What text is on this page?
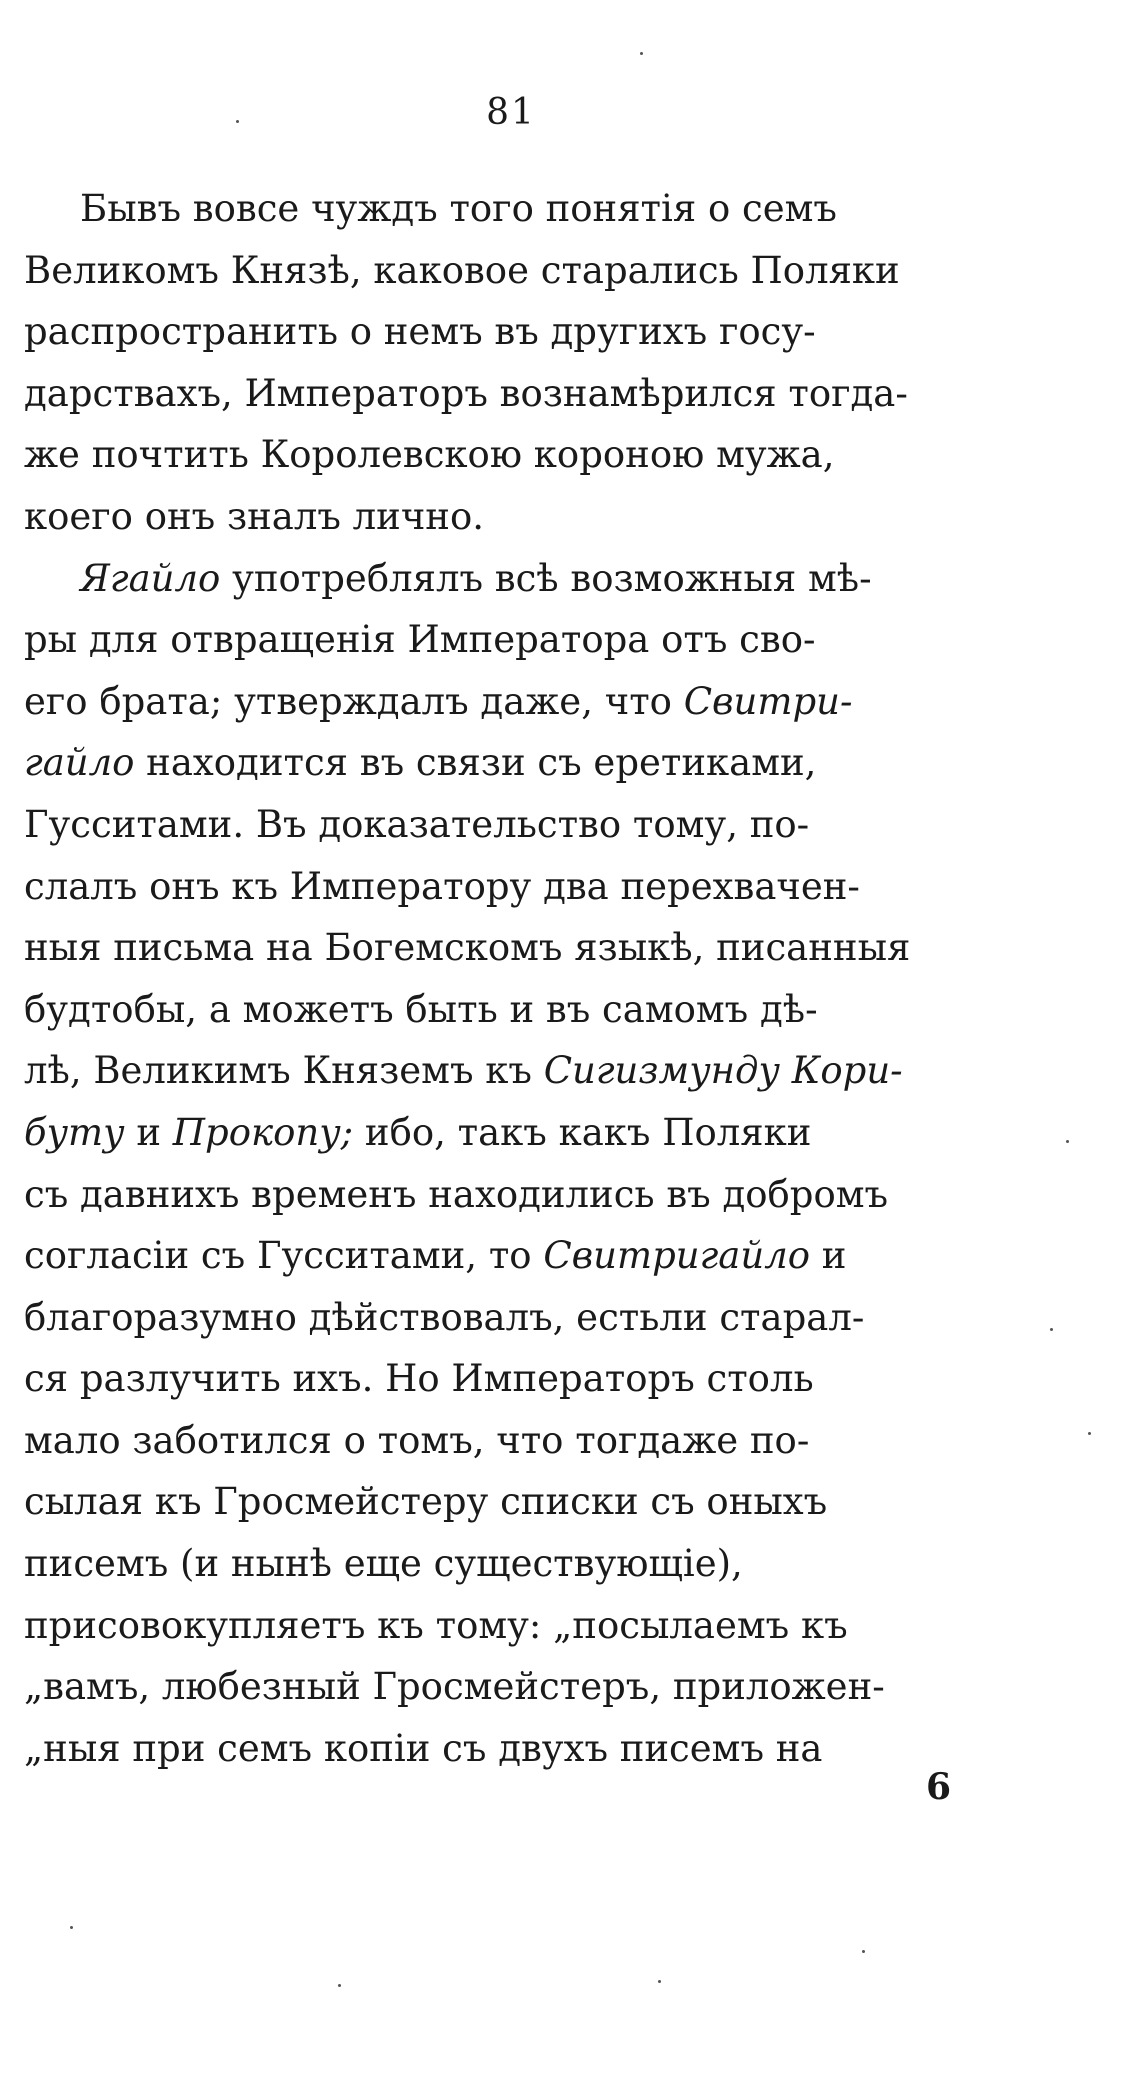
81
Бывъ вовсе чуждъ того понятія о семъ
Великомъ Князѣ, каковое старались Поляки
распространить о немъ въ другихъ госу-
дарствахъ, Императоръ вознамѣрился тогда-
же почтить Королевскою короною мужа,
коего онъ зналъ лично.
Ягайло употреблялъ всѣ возможныя мѣ-
ры для отвращенія Императора отъ сво-
его брата; утверждалъ даже, что Свитри-
гайло находится въ связи съ еретиками,
Гусситами. Въ доказательство тому, по-
слалъ онъ къ Императору два перехвачен-
ныя письма на Богемскомъ языкѣ, писанныя
будтобы, а можетъ быть и въ самомъ дѣ-
лѣ, Великимъ Княземъ къ Сигизмунду Кори-
буту и Прокопу; ибо, такъ какъ Поляки
съ давнихъ временъ находились въ добромъ
согласіи съ Гусситами, то Свитригайло и
благоразумно дѣйствовалъ, естьли старал-
ся разлучить ихъ. Но Императоръ столь
мало заботился о томъ, что тогдаже по-
сылая къ Гросмейстеру списки съ оныхъ
писемъ (и нынѣ еще существующіе),
присовокупляетъ къ тому: „посылаемъ къ
„вамъ, любезный Гросмейстеръ, приложен-
„ныя при семъ копіи съ двухъ писемъ на
6
